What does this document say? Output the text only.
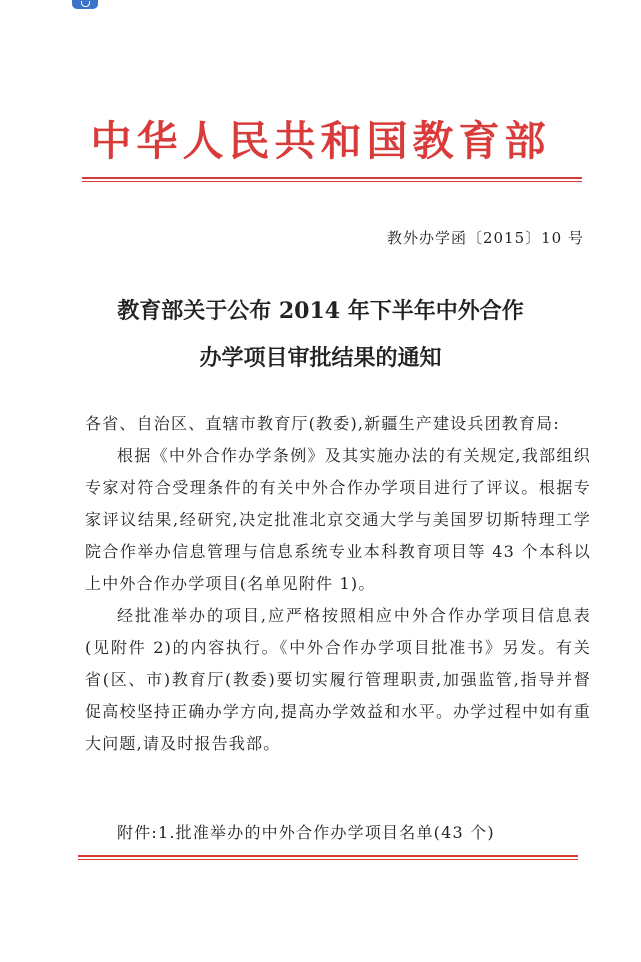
中华人民共和国教育部
教外办学函〔2015〕10 号
教育部关于公布 2014 年下半年中外合作
办学项目审批结果的通知

各省、自治区、直辖市教育厅(教委),新疆生产建设兵团教育局:

根据《中外合作办学条例》及其实施办法的有关规定,我部组织专家对符合受理条件的有关中外合作办学项目进行了评议。根据专家评议结果,经研究,决定批准北京交通大学与美国罗切斯特理工学院合作举办信息管理与信息系统专业本科教育项目等 43 个本科以上中外合作办学项目(名单见附件 1)。

经批准举办的项目,应严格按照相应中外合作办学项目信息表(见附件 2)的内容执行。《中外合作办学项目批准书》另发。有关省(区、市)教育厅(教委)要切实履行管理职责,加强监管,指导并督促高校坚持正确办学方向,提高办学效益和水平。办学过程中如有重大问题,请及时报告我部。

附件:1.批准举办的中外合作办学项目名单(43 个)
